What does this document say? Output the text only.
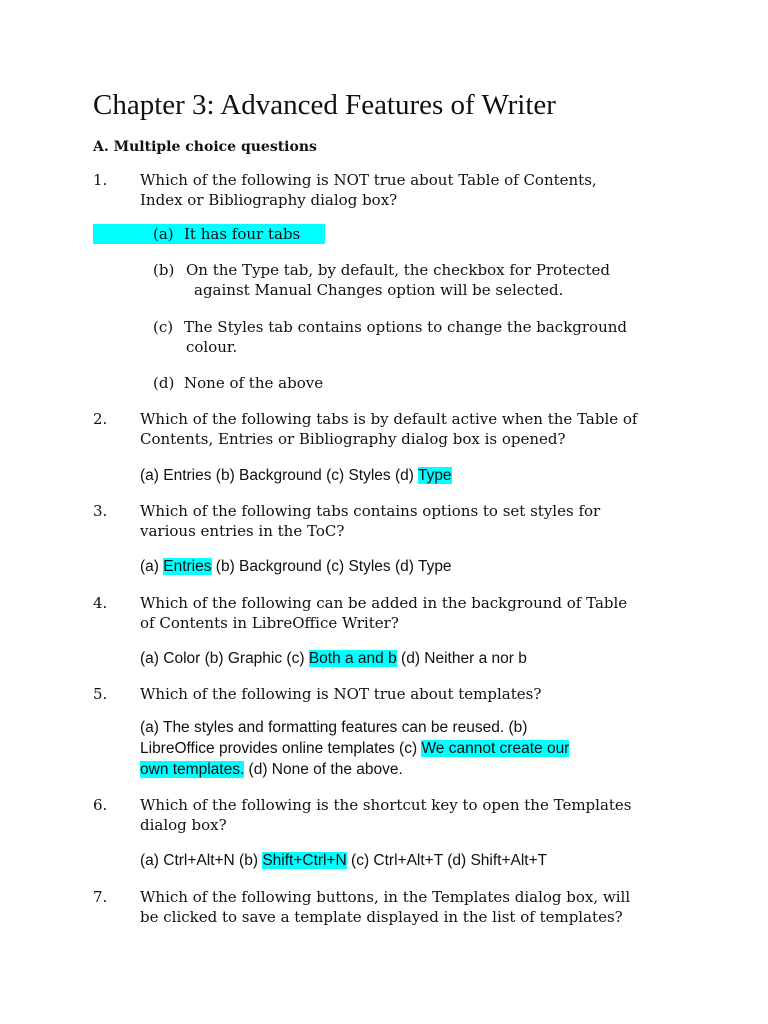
Chapter 3: Advanced Features of Writer
A. Multiple choice questions
1. Which of the following is NOT true about Table of Contents,
Index or Bibliography dialog box?
(a) It has four tabs
(b) On the Type tab, by default, the checkbox for Protected
against Manual Changes option will be selected.
(c) The Styles tab contains options to change the background
colour.
(d) None of the above
2. Which of the following tabs is by default active when the Table of
Contents, Entries or Bibliography dialog box is opened?
(a) Entries (b) Background (c) Styles (d) Type
3. Which of the following tabs contains options to set styles for
various entries in the ToC?
(a) Entries (b) Background (c) Styles (d) Type
4. Which of the following can be added in the background of Table
of Contents in LibreOffice Writer?
(a) Color (b) Graphic (c) Both a and b (d) Neither a nor b
5. Which of the following is NOT true about templates?
(a) The styles and formatting features can be reused. (b)
LibreOffice provides online templates (c) We cannot create our
own templates. (d) None of the above.
6. Which of the following is the shortcut key to open the Templates
dialog box?
(a) Ctrl+Alt+N (b) Shift+Ctrl+N (c) Ctrl+Alt+T (d) Shift+Alt+T
7. Which of the following buttons, in the Templates dialog box, will
be clicked to save a template displayed in the list of templates?
